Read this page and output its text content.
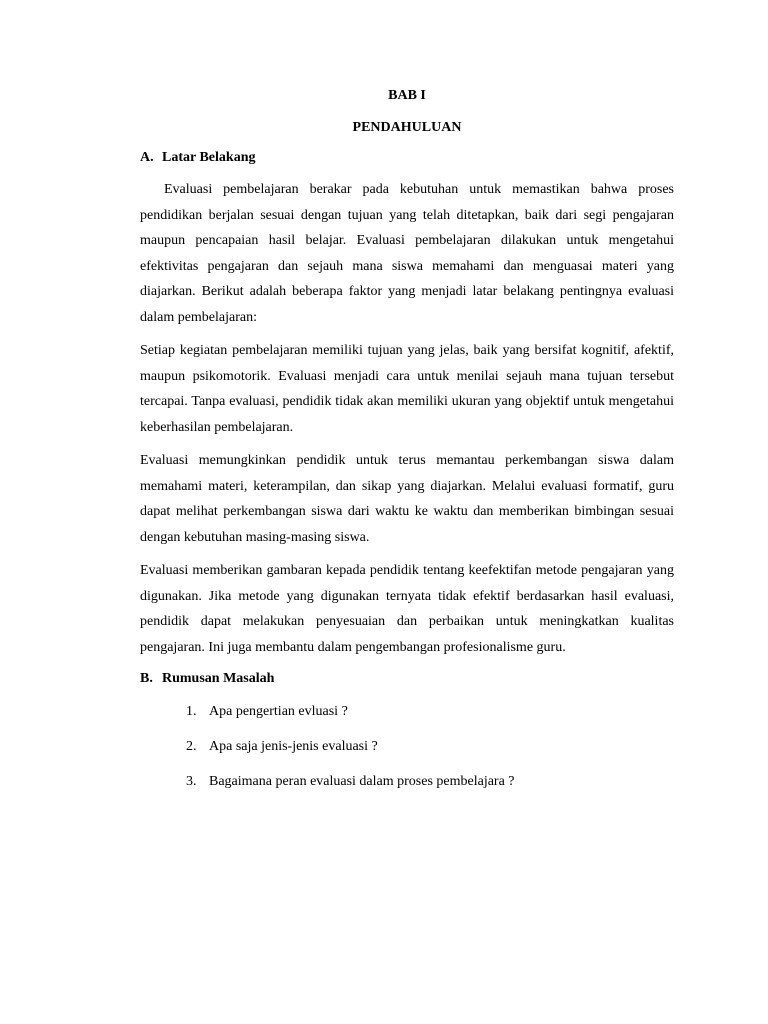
BAB I
PENDAHULUAN
A. Latar Belakang

Evaluasi pembelajaran berakar pada kebutuhan untuk memastikan bahwa proses pendidikan berjalan sesuai dengan tujuan yang telah ditetapkan, baik dari segi pengajaran maupun pencapaian hasil belajar. Evaluasi pembelajaran dilakukan untuk mengetahui efektivitas pengajaran dan sejauh mana siswa memahami dan menguasai materi yang diajarkan. Berikut adalah beberapa faktor yang menjadi latar belakang pentingnya evaluasi dalam pembelajaran:

Setiap kegiatan pembelajaran memiliki tujuan yang jelas, baik yang bersifat kognitif, afektif, maupun psikomotorik. Evaluasi menjadi cara untuk menilai sejauh mana tujuan tersebut tercapai. Tanpa evaluasi, pendidik tidak akan memiliki ukuran yang objektif untuk mengetahui keberhasilan pembelajaran.

Evaluasi memungkinkan pendidik untuk terus memantau perkembangan siswa dalam memahami materi, keterampilan, dan sikap yang diajarkan. Melalui evaluasi formatif, guru dapat melihat perkembangan siswa dari waktu ke waktu dan memberikan bimbingan sesuai dengan kebutuhan masing-masing siswa.

Evaluasi memberikan gambaran kepada pendidik tentang keefektifan metode pengajaran yang digunakan. Jika metode yang digunakan ternyata tidak efektif berdasarkan hasil evaluasi, pendidik dapat melakukan penyesuaian dan perbaikan untuk meningkatkan kualitas pengajaran. Ini juga membantu dalam pengembangan profesionalisme guru.

B. Rumusan Masalah
1. Apa pengertian evluasi ?
2. Apa saja jenis-jenis evaluasi ?
3. Bagaimana peran evaluasi dalam proses pembelajara ?
